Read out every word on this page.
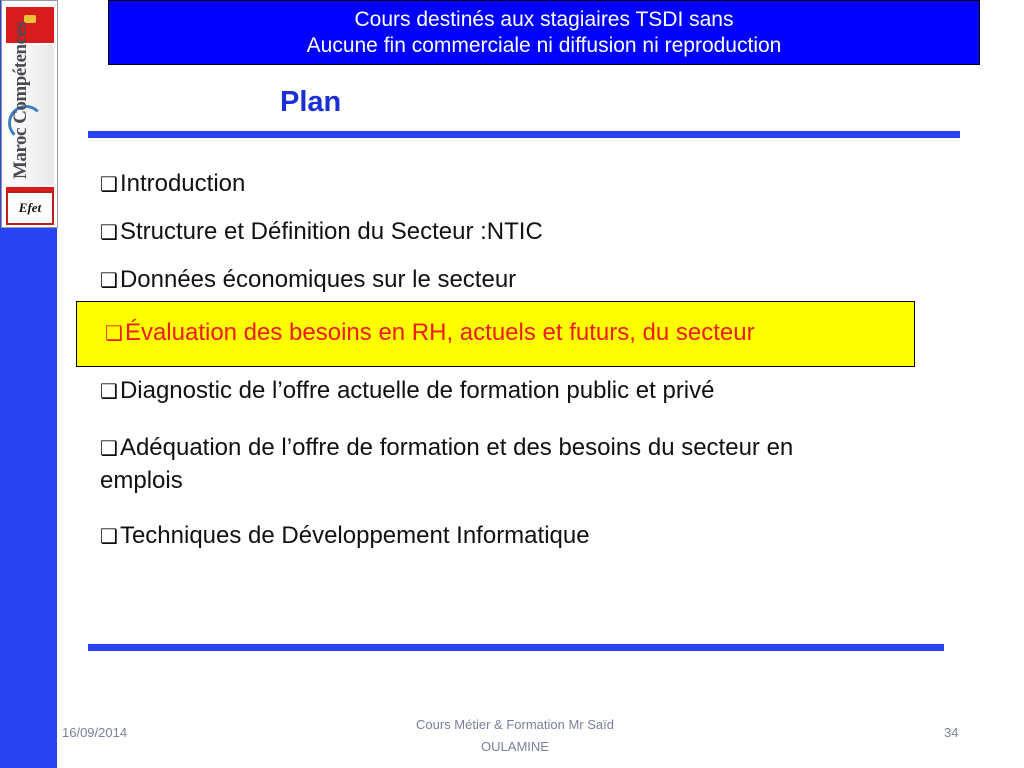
Maroc Compétences
Efet
Cours destinés aux stagiaires TSDI sans
Aucune fin commerciale ni diffusion ni reproduction
Plan
❑Introduction
❑Structure et Définition du Secteur :NTIC
❑Données économiques sur le secteur
❑Évaluation des besoins en RH, actuels et futurs, du secteur
❑Diagnostic de l’offre actuelle de formation public et privé
❑Adéquation de l’offre de formation et des besoins du secteur en emplois
❑Techniques de Développement Informatique
16/09/2014
Cours Métier & Formation Mr Saïd
OULAMINE
34
